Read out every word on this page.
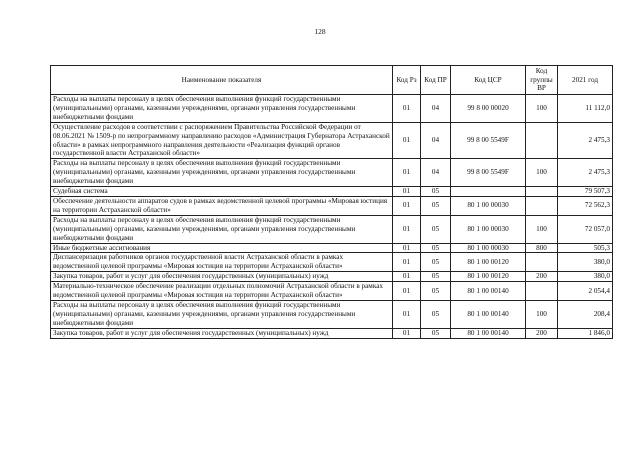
128
Наименование показателя	Код Рз	Код ПР	Код ЦСР	Код группы ВР	2021 год
Расходы на выплаты персоналу в целях обеспечения выполнения функций государственными (муниципальными) органами, казенными учреждениями, органами управления государственными внебюджетными фондами	01	04	99 8 00 00020	100	11 112,0
Осуществление расходов в соответствии с распоряжением Правительства Российской Федерации от 08.06.2021 № 1509-р по непрограммному направлению расходов «Администрация Губернатора Астраханской области» в рамках непрограммного направления деятельности «Реализация функций органов государственной власти Астраханской области»	01	04	99 8 00 5549F		2 475,3
Расходы на выплаты персоналу в целях обеспечения выполнения функций государственными (муниципальными) органами, казенными учреждениями, органами управления государственными внебюджетными фондами	01	04	99 8 00 5549F	100	2 475,3
Судебная система	01	05			79 507,3
Обеспечение деятельности аппаратов судов в рамках ведомственной целевой программы «Мировая юстиция на территории Астраханской области»	01	05	80 1 00 00030		72 562,3
Расходы на выплаты персоналу в целях обеспечения выполнения функций государственными (муниципальными) органами, казенными учреждениями, органами управления государственными внебюджетными фондами	01	05	80 1 00 00030	100	72 057,0
Иные бюджетные ассигнования	01	05	80 1 00 00030	800	505,3
Диспансеризация работников органов государственной власти Астраханской области в рамках ведомственной целевой программы «Мировая юстиция на территории Астраханской области»	01	05	80 1 00 00120		380,0
Закупка товаров, работ и услуг для обеспечения государственных (муниципальных) нужд	01	05	80 1 00 00120	200	380,0
Материально-техническое обеспечение реализации отдельных полномочий Астраханской области в рамках ведомственной целевой программы «Мировая юстиция на территории Астраханской области»	01	05	80 1 00 00140		2 054,4
Расходы на выплаты персоналу в целях обеспечения выполнения функций государственными (муниципальными) органами, казенными учреждениями, органами управления государственными внебюджетными фондами	01	05	80 1 00 00140	100	208,4
Закупка товаров, работ и услуг для обеспечения государственных (муниципальных) нужд	01	05	80 1 00 00140	200	1 846,0
